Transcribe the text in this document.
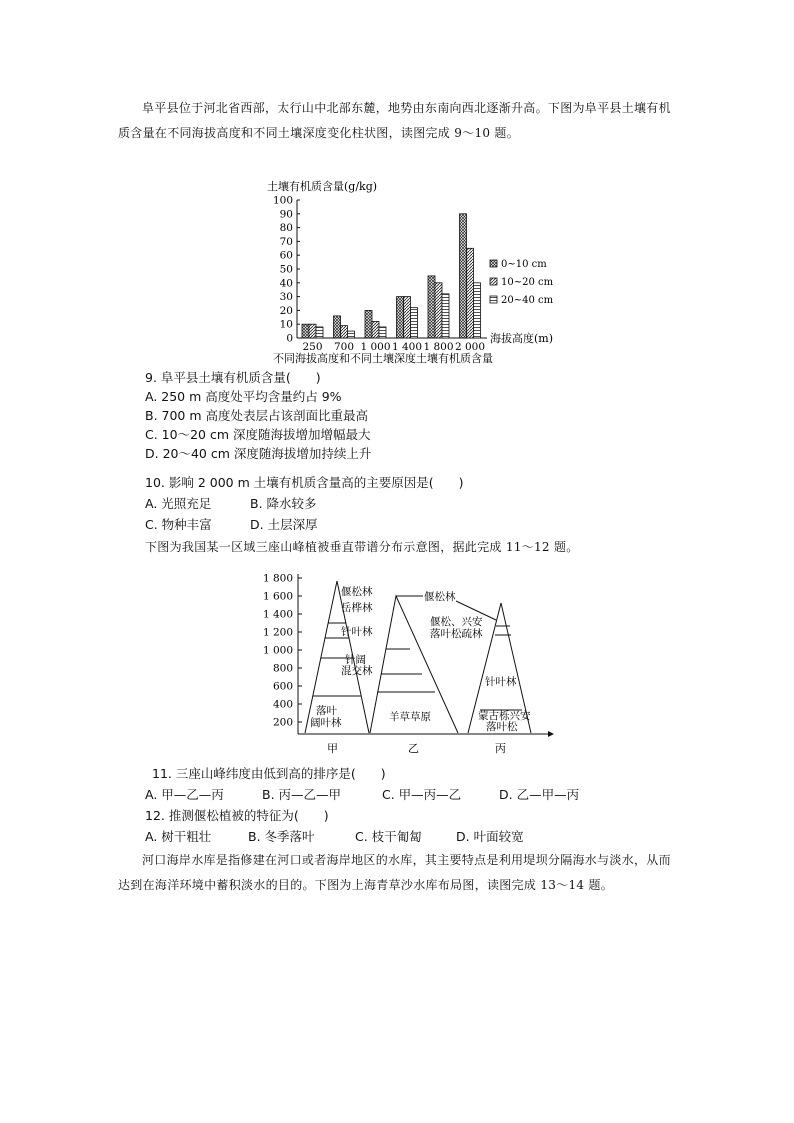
阜平县位于河北省西部，太行山中北部东麓，地势由东南向西北逐渐升高。下图为阜平县土壤有机质含量在不同海拔高度和不同土壤深度变化柱状图，读图完成 9～10 题。
土壤有机质含量(g/kg)
0
10
20
30
40
50
60
70
80
90
100
250 700 1 000 1 400 1 800 2 000
海拔高度(m)
0~10 cm
10~20 cm
20~40 cm
不同海拔高度和不同土壤深度土壤有机质含量
9. 阜平县土壤有机质含量(　　)
A. 250 m 高度处平均含量约占 9%
B. 700 m 高度处表层占该剖面比重最高
C. 10～20 cm 深度随海拔增加增幅最大
D. 20～40 cm 深度随海拔增加持续上升
10. 影响 2 000 m 土壤有机质含量高的主要原因是(　　)
A. 光照充足	B. 降水较多
C. 物种丰富	D. 土层深厚
下图为我国某一区域三座山峰植被垂直带谱分布示意图，据此完成 11～12 题。
200
400
600
800
1 000
1 200
1 400
1 600
1 800
偃松林
岳桦林
针叶林
针阔
混交林
落叶
阔叶林
偃松林
羊草草原
偃松、兴安
落叶松疏林
针叶林
蒙古栎兴安
落叶松
甲	乙	丙
11. 三座山峰纬度由低到高的排序是(　　)
A. 甲—乙—丙	B. 丙—乙—甲	C. 甲—丙—乙	D. 乙—甲—丙
12. 推测偃松植被的特征为(　　)
A. 树干粗壮	B. 冬季落叶	C. 枝干匍匐	D. 叶面较宽
河口海岸水库是指修建在河口或者海岸地区的水库，其主要特点是利用堤坝分隔海水与淡水，从而达到在海洋环境中蓄积淡水的目的。下图为上海青草沙水库布局图，读图完成 13～14 题。
